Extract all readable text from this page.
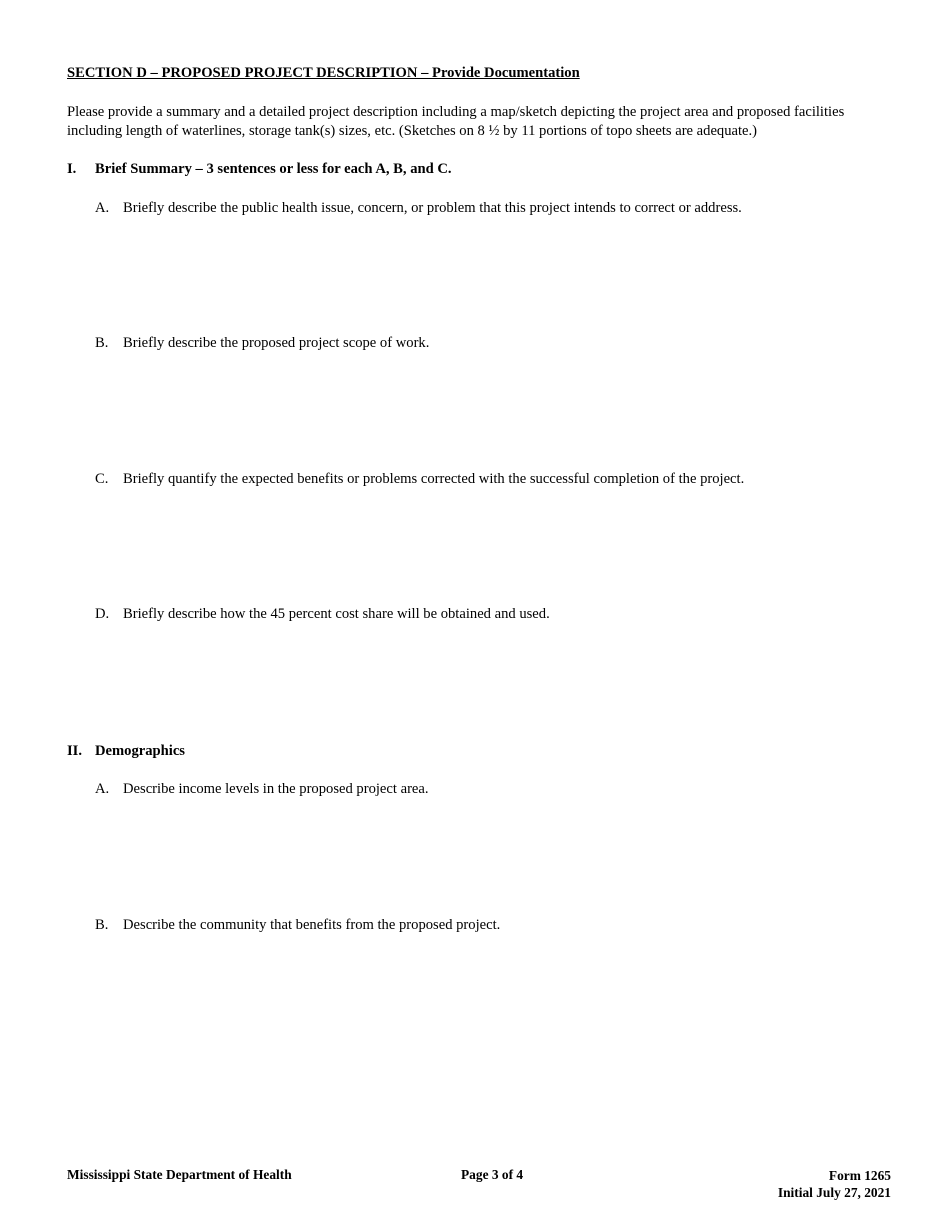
SECTION D – PROPOSED PROJECT DESCRIPTION – Provide Documentation
Please provide a summary and a detailed project description including a map/sketch depicting the project area and proposed facilities including length of waterlines, storage tank(s) sizes, etc. (Sketches on 8 ½ by 11 portions of topo sheets are adequate.)
I. Brief Summary – 3 sentences or less for each A, B, and C.
A. Briefly describe the public health issue, concern, or problem that this project intends to correct or address.
B. Briefly describe the proposed project scope of work.
C. Briefly quantify the expected benefits or problems corrected with the successful completion of the project.
D. Briefly describe how the 45 percent cost share will be obtained and used.
II. Demographics
A. Describe income levels in the proposed project area.
B. Describe the community that benefits from the proposed project.
Mississippi State Department of Health	Page 3 of 4	Form 1265
Initial July 27, 2021
